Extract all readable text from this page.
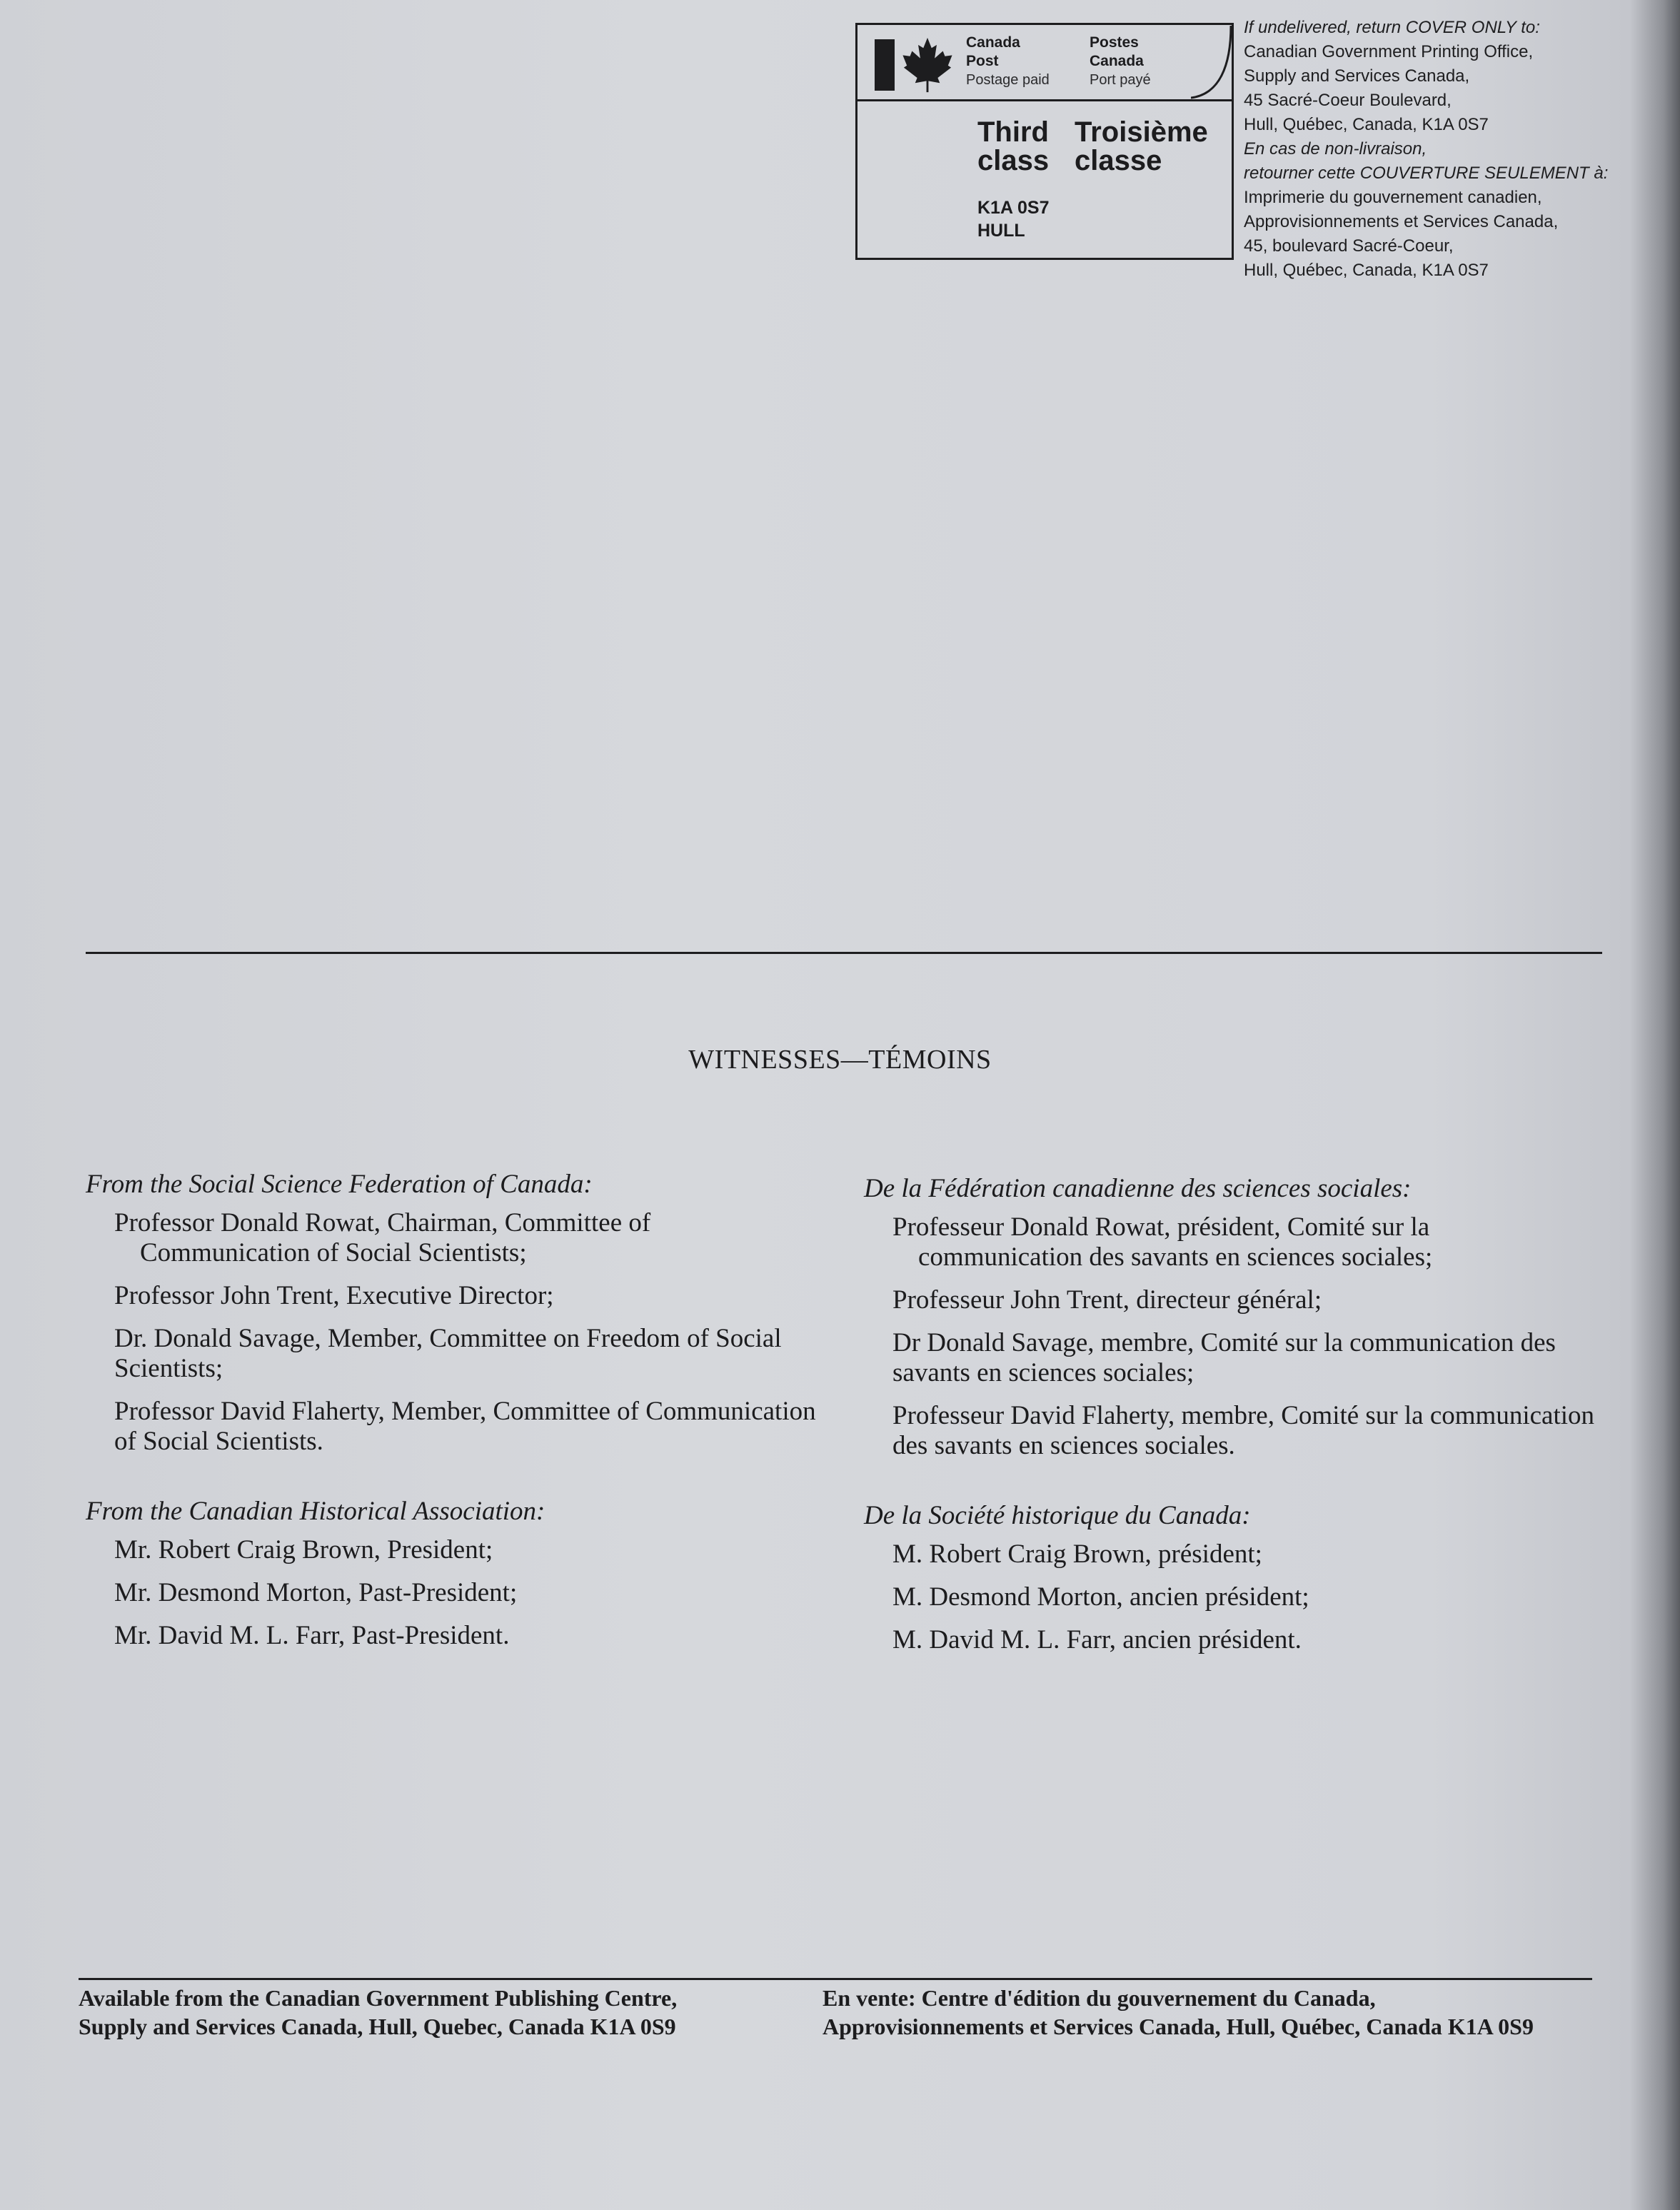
Canada
Post
Postage paid
Postes
Canada
Port payé
Third
class
Troisième
classe
K1A 0S7
HULL
If undelivered, return COVER ONLY to:
Canadian Government Printing Office,
Supply and Services Canada,
45 Sacré-Coeur Boulevard,
Hull, Québec, Canada, K1A 0S7
En cas de non-livraison,
retourner cette COUVERTURE SEULEMENT à:
Imprimerie du gouvernement canadien,
Approvisionnements et Services Canada,
45, boulevard Sacré-Coeur,
Hull, Québec, Canada, K1A 0S7
WITNESSES—TÉMOINS
From the Social Science Federation of Canada:
Professor Donald Rowat, Chairman, Committee of Communication of Social Scientists;
Professor John Trent, Executive Director;
Dr. Donald Savage, Member, Committee on Freedom of Social Scientists;
Professor David Flaherty, Member, Committee of Communication of Social Scientists.
From the Canadian Historical Association:
Mr. Robert Craig Brown, President;
Mr. Desmond Morton, Past-President;
Mr. David M. L. Farr, Past-President.
De la Fédération canadienne des sciences sociales:
Professeur Donald Rowat, président, Comité sur la communication des savants en sciences sociales;
Professeur John Trent, directeur général;
Dr Donald Savage, membre, Comité sur la communication des savants en sciences sociales;
Professeur David Flaherty, membre, Comité sur la communication des savants en sciences sociales.
De la Société historique du Canada:
M. Robert Craig Brown, président;
M. Desmond Morton, ancien président;
M. David M. L. Farr, ancien président.
Available from the Canadian Government Publishing Centre,
Supply and Services Canada, Hull, Quebec, Canada K1A 0S9
En vente: Centre d'édition du gouvernement du Canada,
Approvisionnements et Services Canada, Hull, Québec, Canada K1A 0S9
